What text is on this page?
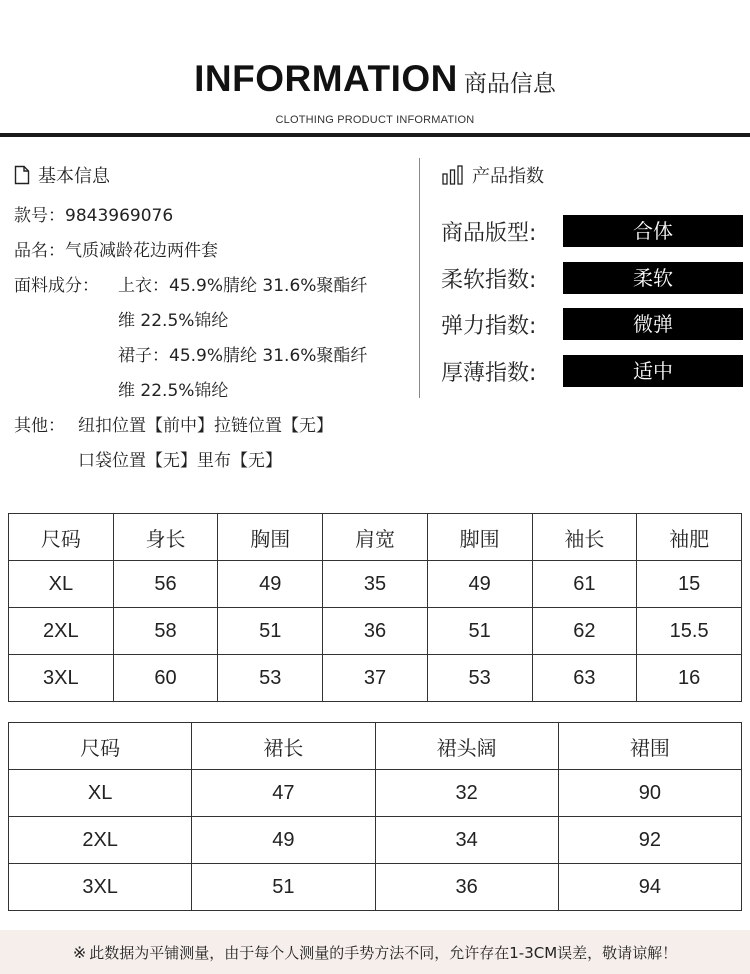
INFORMATION 商品信息
CLOTHING PRODUCT INFORMATION
基本信息
款号：9843969076
品名：气质减龄花边两件套
面料成分： 上衣：45.9%腈纶 31.6%聚酯纤
维 22.5%锦纶
裙子：45.9%腈纶 31.6%聚酯纤
维 22.5%锦纶
其他： 纽扣位置【前中】拉链位置【无】
口袋位置【无】里布【无】
产品指数
商品版型:	合体
柔软指数:	柔软
弹力指数:	微弹
厚薄指数:	适中
尺码	身长	胸围	肩宽	脚围	袖长	袖肥
XL	56	49	35	49	61	15
2XL	58	51	36	51	62	15.5
3XL	60	53	37	53	63	16
尺码	裙长	裙头阔	裙围
XL	47	32	90
2XL	49	34	92
3XL	51	36	94
※ 此数据为平铺测量，由于每个人测量的手势方法不同，允许存在1-3CM误差，敬请谅解！
